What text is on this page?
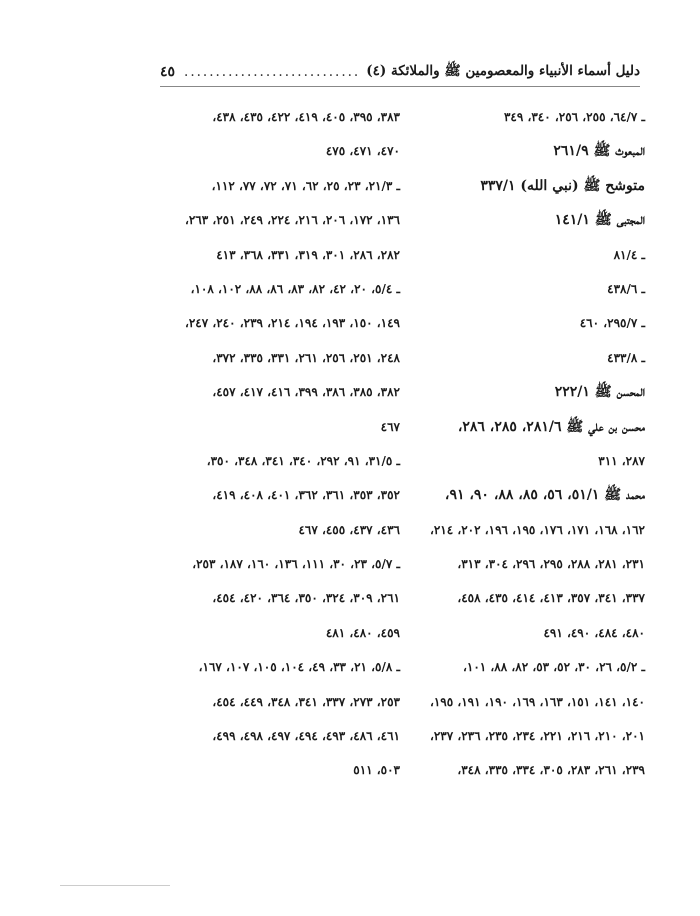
دليل أسماء الأنبياء والمعصومين ﷺ والملائكة (٤)
.....
٤٥
ـ ٦٤/٧، ٢٥٥، ٢٥٦، ٣٤٠، ٣٤٩
المبعوث ﷺ ٢٦١/٩
متوشح ﷺ (نبي الله) ٣٣٧/١
المجتبى ﷺ ١٤١/١
ـ ٨١/٤
ـ ٤٣٨/٦
ـ ٢٩٥/٧، ٤٦٠
ـ ٤٣٣/٨
المحسن ﷺ ٢٢٢/١
محسن بن علي ﷺ ٢٨١/٦، ٢٨٥، ٢٨٦،
٢٨٧، ٣١١
محمد ﷺ ٥١/١، ٥٦، ٨٥، ٨٨، ٩٠، ٩١،
١٦٢، ١٦٨، ١٧١، ١٧٦، ١٩٥، ١٩٦، ٢٠٢، ٢١٤،
٢٣١، ٢٨١، ٢٨٨، ٢٩٥، ٢٩٦، ٣٠٤، ٣١٣،
٣٣٧، ٣٤١، ٣٥٧، ٤١٣، ٤١٤، ٤٣٥، ٤٥٨،
٤٨٠، ٤٨٤، ٤٩٠، ٤٩١
ـ ٥/٢، ٢٦، ٣٠، ٥٢، ٥٣، ٨٢، ٨٨، ١٠١،
١٤٠، ١٤١، ١٥١، ١٦٣، ١٦٩، ١٩٠، ١٩١، ١٩٥،
٢٠١، ٢١٠، ٢١٦، ٢٢١، ٢٣٤، ٢٣٥، ٢٣٦، ٢٣٧،
٢٣٩، ٢٦١، ٢٨٣، ٣٠٥، ٣٣٤، ٣٣٥، ٣٤٨،
٣٨٣، ٣٩٥، ٤٠٥، ٤١٩، ٤٢٢، ٤٣٥، ٤٣٨،
٤٧٠، ٤٧١، ٤٧٥
ـ ٢١/٣، ٢٣، ٢٥، ٦٢، ٧١، ٧٢، ٧٧، ١١٢،
١٣٦، ١٧٢، ٢٠٦، ٢١٦، ٢٢٤، ٢٤٩، ٢٥١، ٢٦٣،
٢٨٢، ٢٨٦، ٣٠١، ٣١٩، ٣٣١، ٣٦٨، ٤١٣
ـ ٥/٤، ٢٠، ٤٢، ٨٢، ٨٣، ٨٦، ٨٨، ١٠٢، ١٠٨،
١٤٩، ١٥٠، ١٩٣، ١٩٤، ٢١٤، ٢٣٩، ٢٤٠، ٢٤٧،
٢٤٨، ٢٥١، ٢٥٦، ٢٦١، ٣٣١، ٣٣٥، ٣٧٢،
٣٨٢، ٣٨٥، ٣٨٦، ٣٩٩، ٤١٦، ٤١٧، ٤٥٧،
٤٦٧
ـ ٣١/٥، ٩١، ٢٩٢، ٣٤٠، ٣٤١، ٣٤٨، ٣٥٠،
٣٥٢، ٣٥٣، ٣٦١، ٣٦٢، ٤٠١، ٤٠٨، ٤١٩،
٤٣٦، ٤٣٧، ٤٥٥، ٤٦٧
ـ ٥/٧، ٢٣، ٣٠، ١١١، ١٣٦، ١٦٠، ١٨٧، ٢٥٣،
٢٦١، ٣٠٩، ٣٢٤، ٣٥٠، ٣٦٤، ٤٢٠، ٤٥٤،
٤٥٩، ٤٨٠، ٤٨١
ـ ٥/٨، ٢١، ٣٣، ٤٩، ١٠٤، ١٠٥، ١٠٧، ١٦٧،
٢٥٣، ٢٧٣، ٣٣٧، ٣٤١، ٣٤٨، ٤٤٩، ٤٥٤،
٤٦١، ٤٨٦، ٤٩٣، ٤٩٤، ٤٩٧، ٤٩٨، ٤٩٩،
٥٠٣، ٥١١
